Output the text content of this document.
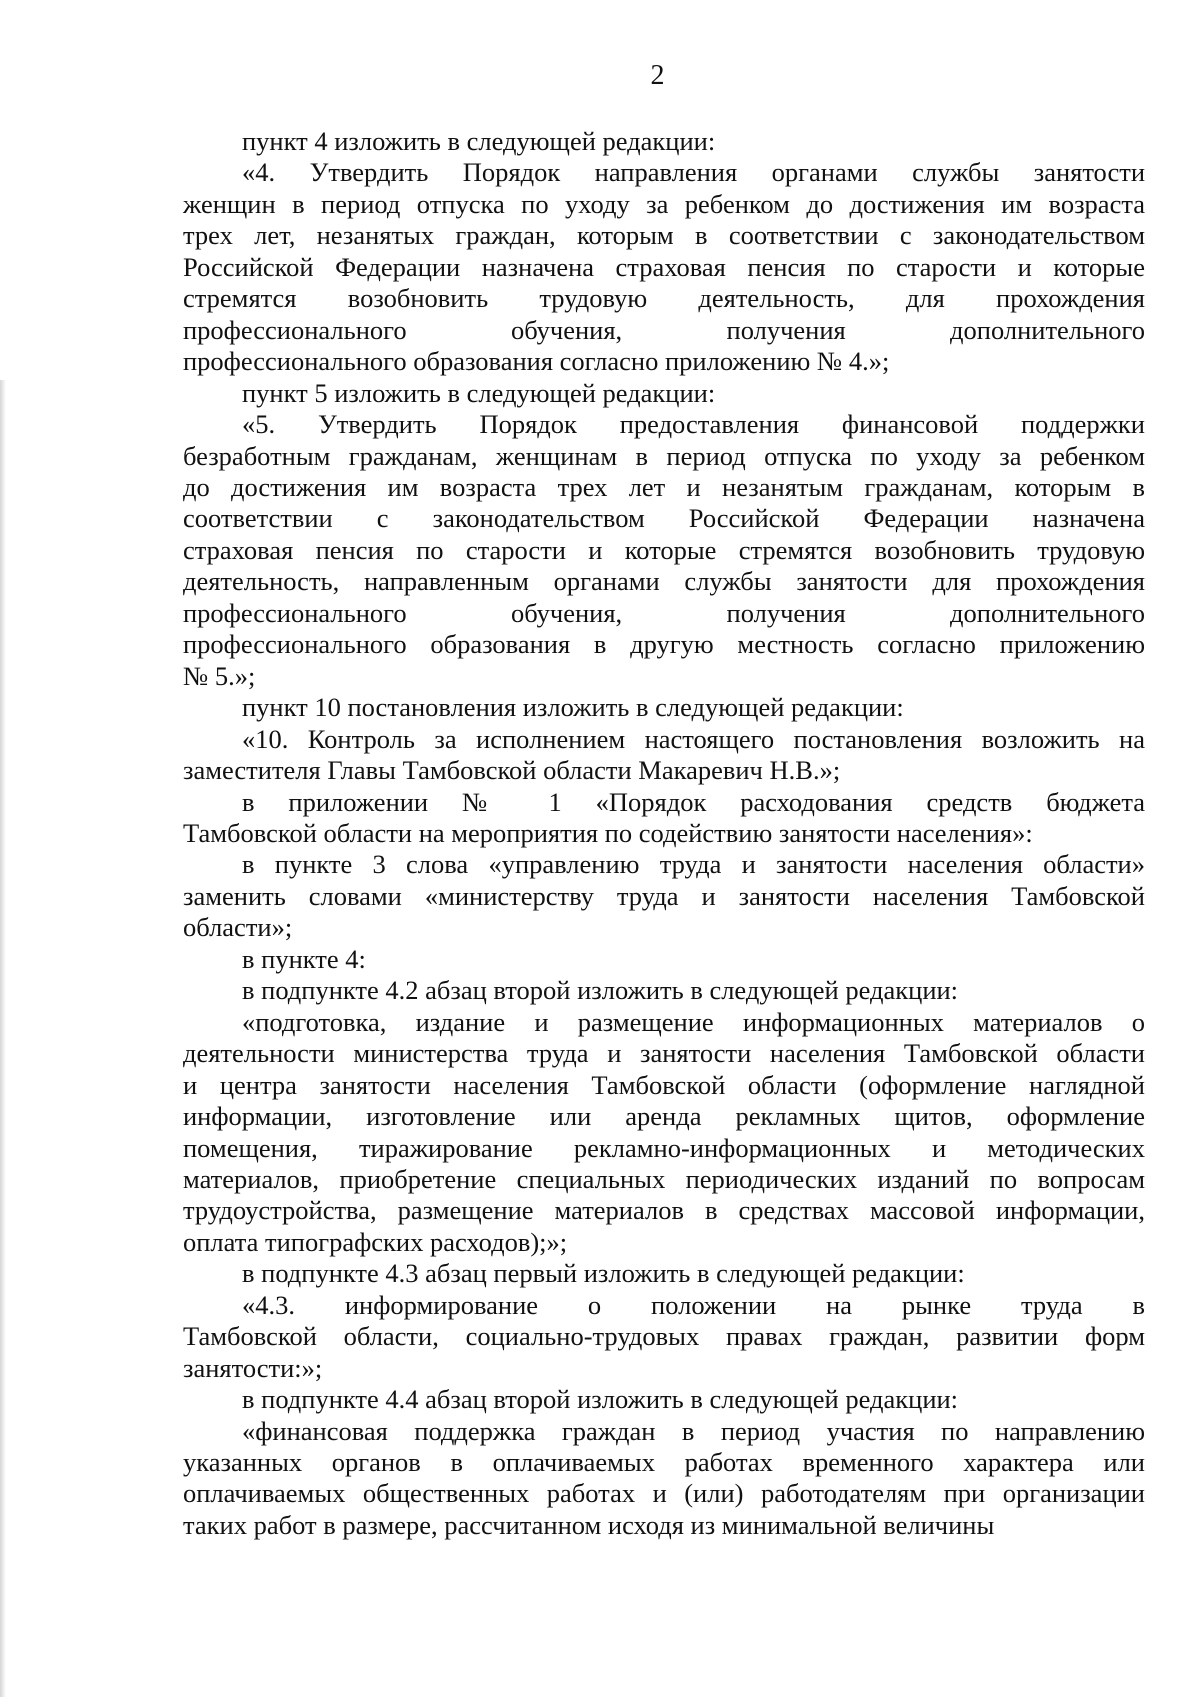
2
пункт 4 изложить в следующей редакции:
«4. Утвердить Порядок направления органами службы занятости
женщин в период отпуска по уходу за ребенком до достижения им возраста
трех лет, незанятых граждан, которым в соответствии с законодательством
Российской Федерации назначена страховая пенсия по старости и которые
стремятся возобновить трудовую деятельность, для прохождения
профессионального обучения, получения дополнительного
профессионального образования согласно приложению № 4.»;
пункт 5 изложить в следующей редакции:
«5. Утвердить Порядок предоставления финансовой поддержки
безработным гражданам, женщинам в период отпуска по уходу за ребенком
до достижения им возраста трех лет и незанятым гражданам, которым в
соответствии с законодательством Российской Федерации назначена
страховая пенсия по старости и которые стремятся возобновить трудовую
деятельность, направленным органами службы занятости для прохождения
профессионального обучения, получения дополнительного
профессионального образования в другую местность согласно приложению
№ 5.»;
пункт 10 постановления изложить в следующей редакции:
«10. Контроль за исполнением настоящего постановления возложить на
заместителя Главы Тамбовской области Макаревич Н.В.»;
в приложении № 1 «Порядок расходования средств бюджета
Тамбовской области на мероприятия по содействию занятости населения»:
в пункте 3 слова «управлению труда и занятости населения области»
заменить словами «министерству труда и занятости населения Тамбовской
области»;
в пункте 4:
в подпункте 4.2 абзац второй изложить в следующей редакции:
«подготовка, издание и размещение информационных материалов о
деятельности министерства труда и занятости населения Тамбовской области
и центра занятости населения Тамбовской области (оформление наглядной
информации, изготовление или аренда рекламных щитов, оформление
помещения, тиражирование рекламно-информационных и методических
материалов, приобретение специальных периодических изданий по вопросам
трудоустройства, размещение материалов в средствах массовой информации,
оплата типографских расходов);»;
в подпункте 4.3 абзац первый изложить в следующей редакции:
«4.3. информирование о положении на рынке труда в
Тамбовской области, социально-трудовых правах граждан, развитии форм
занятости:»;
в подпункте 4.4 абзац второй изложить в следующей редакции:
«финансовая поддержка граждан в период участия по направлению
указанных органов в оплачиваемых работах временного характера или
оплачиваемых общественных работах и (или) работодателям при организации
таких работ в размере, рассчитанном исходя из минимальной величины
